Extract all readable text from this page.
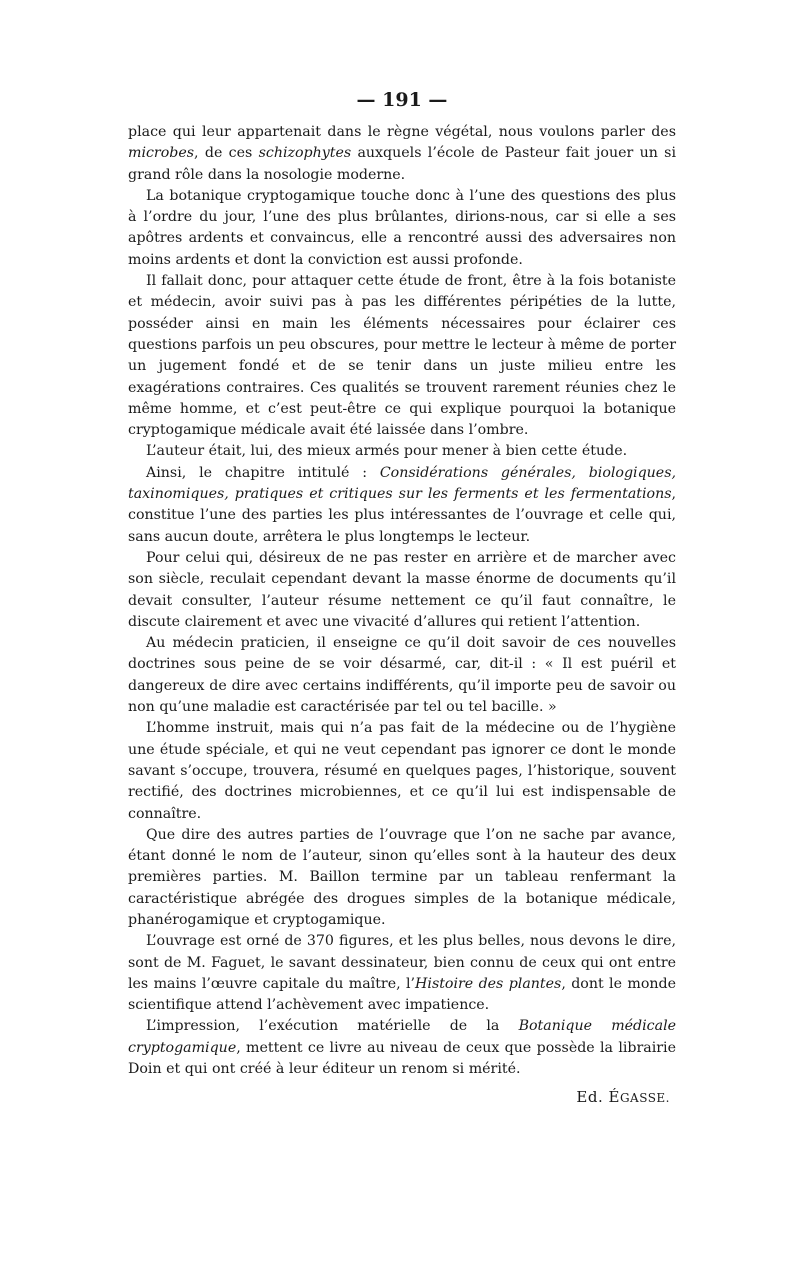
— 191 —

place qui leur appartenait dans le règne végétal, nous voulons parler des microbes, de ces schizophytes auxquels l’école de Pasteur fait jouer un si grand rôle dans la nosologie moderne.

La botanique cryptogamique touche donc à l’une des questions des plus à l’ordre du jour, l’une des plus brûlantes, dirions-nous, car si elle a ses apôtres ardents et convaincus, elle a rencontré aussi des adversaires non moins ardents et dont la conviction est aussi profonde.

Il fallait donc, pour attaquer cette étude de front, être à la fois botaniste et médecin, avoir suivi pas à pas les différentes péripéties de la lutte, posséder ainsi en main les éléments nécessaires pour éclairer ces questions parfois un peu obscures, pour mettre le lecteur à même de porter un jugement fondé et de se tenir dans un juste milieu entre les exagérations contraires. Ces qualités se trouvent rarement réunies chez le même homme, et c’est peut-être ce qui explique pourquoi la botanique cryptogamique médicale avait été laissée dans l’ombre.

L’auteur était, lui, des mieux armés pour mener à bien cette étude.

Ainsi, le chapitre intitulé : Considérations générales, biologiques, taxinomiques, pratiques et critiques sur les ferments et les fermentations, constitue l’une des parties les plus intéressantes de l’ouvrage et celle qui, sans aucun doute, arrêtera le plus longtemps le lecteur.

Pour celui qui, désireux de ne pas rester en arrière et de marcher avec son siècle, reculait cependant devant la masse énorme de documents qu’il devait consulter, l’auteur résume nettement ce qu’il faut connaître, le discute clairement et avec une vivacité d’allures qui retient l’attention.

Au médecin praticien, il enseigne ce qu’il doit savoir de ces nouvelles doctrines sous peine de se voir désarmé, car, dit-il : « Il est puéril et dangereux de dire avec certains indifférents, qu’il importe peu de savoir ou non qu’une maladie est caractérisée par tel ou tel bacille. »

L’homme instruit, mais qui n’a pas fait de la médecine ou de l’hygiène une étude spéciale, et qui ne veut cependant pas ignorer ce dont le monde savant s’occupe, trouvera, résumé en quelques pages, l’historique, souvent rectifié, des doctrines microbiennes, et ce qu’il lui est indispensable de connaître.

Que dire des autres parties de l’ouvrage que l’on ne sache par avance, étant donné le nom de l’auteur, sinon qu’elles sont à la hauteur des deux premières parties. M. Baillon termine par un tableau renfermant la caractéristique abrégée des drogues simples de la botanique médicale, phanérogamique et cryptogamique.

L’ouvrage est orné de 370 figures, et les plus belles, nous devons le dire, sont de M. Faguet, le savant dessinateur, bien connu de ceux qui ont entre les mains l’œuvre capitale du maître, l’Histoire des plantes, dont le monde scientifique attend l’achèvement avec impatience.

L’impression, l’exécution matérielle de la Botanique médicale cryptogamique, mettent ce livre au niveau de ceux que possède la librairie Doin et qui ont créé à leur éditeur un renom si mérité.

Ed. ÉGASSE.
